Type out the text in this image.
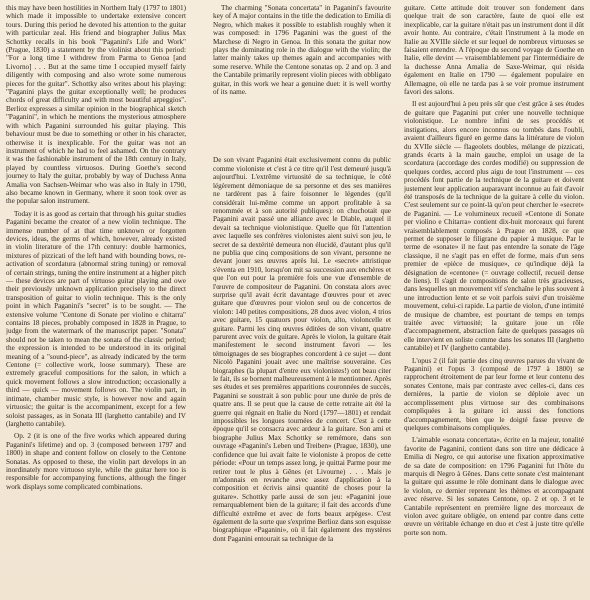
this may have been hostilities in Northern Italy (1797 to 1801) which made it impossible to undertake extensive concert tours. During this period he devoted his attention to the guitar with particular zeal. His friend and biographer Julius Max Schottky recalls in his book "Paganini's Life and Work" (Prague, 1830) a statement by the violinist about this period: "For a long time I withdrew from Parma to Genoa [and Livorno] . . . But at the same time I occupied myself fairly diligently with composing and also wrote some numerous pieces for the guitar". Schottky also writes about his playing: "Paganini plays the guitar exceptionally well; he produces chords of great difficulty and with most beautiful arpeggios". Berlioz expresses a similar opinion in the biographical sketch "Paganini", in which he mentions the mysterious atmosphere with which Paganini surrounded his guitar playing. This behaviour must be due to something or other in his character, otherwise it is inexplicable. For the guitar was not an instrument of which he had to feel ashamed. On the contrary it was the fashionable instrument of the 18th century in Italy, played by countless virtuosos. During Goethe's second journey to Italy the guitar, probably by way of Duchess Anna Amalia von Sachsen-Weimar who was also in Italy in 1790, also became known in Germany, where it soon took over as the popular salon instrument.

Today it is as good as certain that through his guitar studies Paganini became the creator of a new violin technique. The immense number of at that time unknown or forgotten devices, ideas, the germs of which, however, already existed in violin literature of the 17th century: double harmonics, mixtures of pizzicati of the left hand with bounding bows, re-activation of scordatura (abnormal string tuning) or removal of certain strings, tuning the entire instrument at a higher pitch — these devices are part of virtuoso guitar playing and owe their previously unknown application precisely to the direct transposition of guitar to violin technique. This is the only point in which Paganini's "secret" is to be sought. — The extensive volume "Centone di Sonate per violino e chitarra" contains 18 pieces, probably composed in 1828 in Prague, to judge from the watermark of the manuscript paper. "Sonata" should not be taken to mean the sonata of the classic period; the expression is intended to be understood in its original meaning of a "sound-piece", as already indicated by the term Centone (= collective work, loose summary). These are extremely graceful compositions for the salon, in which a quick movement follows a slow introduction; occasionally a third — quick — movement follows on. The violin part, in intimate, chamber music style, is however now and again virtuosic; the guitar is the accompaniment, except for a few soloist passages, as in Sonata III (larghetto cantabile) and IV (larghetto cantabile).

Op. 2 (it is one of the five works which appeared during Paganini's lifetime) and op. 3 (composed between 1797 and 1800) in shape and content follow on closely to the Centone Sonatas. As opposed to these, the violin part develops in an inordinately more virtuoso style, while the guitar here too is responsible for accompanying functions, although the finger work displays some complicated combinations.

The charming "Sonata concertata" in Paganini's favourite key of A major contains in the title the dedication to Emilia di Negro, which makes it possible to establish roughly when it was composed: in 1796 Paganini was the guest of the Marchese di Negro in Genoa. In this sonata the guitar now plays the dominating role in the dialogue with the violin; the latter mainly takes up themes again and accompanies with some reserve. While the Centone sonatas op. 2 and op. 3 and the Cantabile primarily represent violin pieces with obbligato guitar, in this work we hear a genuine duet: it is well worthy of its name.

De son vivant Paganini était exclusivement connu du public comme violoniste et c'est à ce titre qu'il l'est demeuré jusqu'à aujourd'hui. L'extrême virtuosité de sa technique, le côté légèrement démoniaque de sa personne et des ses manières ne tardèrent pas à faire foisonner le légendes (qu'il considérait lui-même comme un apport profitable à sa renommée et à son autorité publiques): on chuchotait que Paganini avait passé une alliance avec le Diable, auquel il devait sa technique violonistique. Quelle que fût l'attention avec laquelle ses confrères violonistes aient suivi son jeu, le secret de sa dextérité demeura non élucidé, d'autant plus qu'il ne publia que cinq compositions de son vivant, personne ne devant jouer ses œuvres après lui. Le «secret» attristique s'éventa en 1910, lorsqu'on mit sa succession aux enchères et que l'on eut pour la première fois une vue d'ensemble de l'œuvre de compositeur de Paganini. On constata alors avec surprise qu'il avait écrit davantage d'œuvres pour et avec guitare que d'œuvres pour violon seul ou de concertos de violon: 140 petites compositions, 28 duos avec violon, 4 trios avec guitare, 15 quatuors pour violon, alto, violoncelle et guitare. Parmi les cinq œuvres éditées de son vivant, quatre parurent avec voix de guitare. Après le violon, la guitare était manifestement le second instrument favori — les témoignages de ses biographes concordent à ce sujet — dont Nicolò Paganini jouait avec une maîtrise souveraine. Ces biographes (la plupart d'entre eux violonistes!) ont beau citer le fait, ils se bornent malheureusement à le mentionner. Après ses études et ses premières apparitions couronnées de succès, Paganini se soustrait à son public pour une durée de près de quatre ans. Il se peut que la cause de cette retraite ait été la guerre qui régnait en Italie du Nord (1797—1801) et rendait impossibles les longues tournées de concert. C'est à cette époque qu'il se consacra avec ardeur à la guitare. Son ami et biographe Julius Max Schottky se remémore, dans son ouvrage «Paganini's Leben und Treiben» (Prague, 1830), une confidence que lui avait faite le violoniste à propos de cette période: «Pour un temps assez long, je quittai Parme pour me retirer tout le plus à Gênes (et Livourne) . . . Mais je m'adonnais en revanche avec assez d'application à la composition et écrivis ainsi quantité de choses pour la guitare». Schottky parle aussi de son jeu: «Paganini joue remarquablement bien de la guitare; il fait des accords d'une difficulté extrême et avec de forts beaux arpèges». C'est également de la sorte que s'exprime Berlioz dans son esquisse biographique «Paganini», où il fait également des mystères dont Paganini entourait sa technique de la

guitare. Cette attitude doit trouver son fondement dans quelque trait de son caractère, faute de quoi elle est inexplicable, car la guitare n'était pas un instrument dont il dût avoir honte. Au contraire, c'était l'instrument à la mode en Italie au XVIIIe siècle et sur lequel de nombreux virtuoses se faisaient entendre. A l'époque du second voyage de Goethe en Italie, elle devint — vraisemblablement par l'intermédiaire de la duchesse Anna Amalia de Saxe-Weimar, qui résida également en Italie en 1790 — également populaire en Allemagne, où elle ne tarda pas à se voir promue instrument favori des salons.

Il est aujourd'hui à peu près sûr que c'est grâce à ses études de guitare que Paganini put créer une nouvelle technique violonistique. Le nombre infini de ses procédés et instigations, alors encore inconnus ou tombés dans l'oubli, avaient d'ailleurs figuré en germe dans la littérature de violon du XVIIe siècle — flageolets doubles, mélange de pizzicati, grands écarts à la main gauche, emploi un usage de la scordatura (accordage des cordes modifié) ou suppression de quelques cordes, accord plus aigu de tout l'instrument — ces procédés font partie de la technique de la guitare et doivent justement leur application auparavant inconnue au fait d'avoir été transposés de la technique de la guitare à celle du violon. C'est seulement sur ce point-là qu'on peut chercher le «secret» de Paganini. — Le volumineux recueil «Centone di Sonate per violino e Chitarra» contient dix-huit morceaux qui furent vraisemblablement composés à Prague en 1828, ce que permet de supposer le filigrane du papier à musique. Par le terme de «sonate» il ne faut pas entendre la sonate de l'âge classique, il ne s'agit pas en effet de forme, mais d'un sens premier de «pièce de musique», ce qu'indique déjà la désignation de «centone» (= ouvrage collectif, recueil dense de liens). Il s'agit de compositions de salon très gracieuses, dans lesquelles un mouvement vif s'enchaîne le plus souvent à une introduction lente et se voit parfois suivi d'un troisième mouvement, celui-ci rapide. La partie de violon, d'une intimité de musique de chambre, est pourtant de temps en temps traitée avec virtuosité; la guitare joue un rôle d'accompagnement, abstraction faite de quelques passages où elle intervient en soliste comme dans les sonates III (larghetto cantabile) et IV (larghetto cantabile).

L'opus 2 (il fait partie des cinq œuvres parues du vivant de Paganini) et l'opus 3 (composé de 1797 à 1800) se rapprochent étroitement de par leur forme et leur contenu des sonates Centone, mais par contraste avec celles-ci, dans ces dernières, la partie de violon se déploie avec un accomplissement plus virtuose sur des combinaisons compliquées à la guitare ici aussi des fonctions d'accompagnement, bien que le doigté fasse preuve de quelques combinaisons compliquées.

L'aimable «sonata concertata», écrite en la majeur, tonalité favorite de Paganini, contient dans son titre une dédicace à Emilia di Negro, ce qui autorise une fixation approximative de sa date de composition: en 1796 Paganini fut l'hôte du marquis di Negro à Gênes. Dans cette sonate c'est maintenant la guitare qui assume le rôle dominant dans le dialogue avec le violon, ce dernier reprenant les thèmes et accompagnant avec réserve. Si les sonates Centone, op. 2 et op. 3 et le Cantabile représentent en première ligne des morceaux de violon avec guitare obligée, on entend par contre dans cette œuvre un véritable échange en duo et c'est à juste titre qu'elle porte son nom.
